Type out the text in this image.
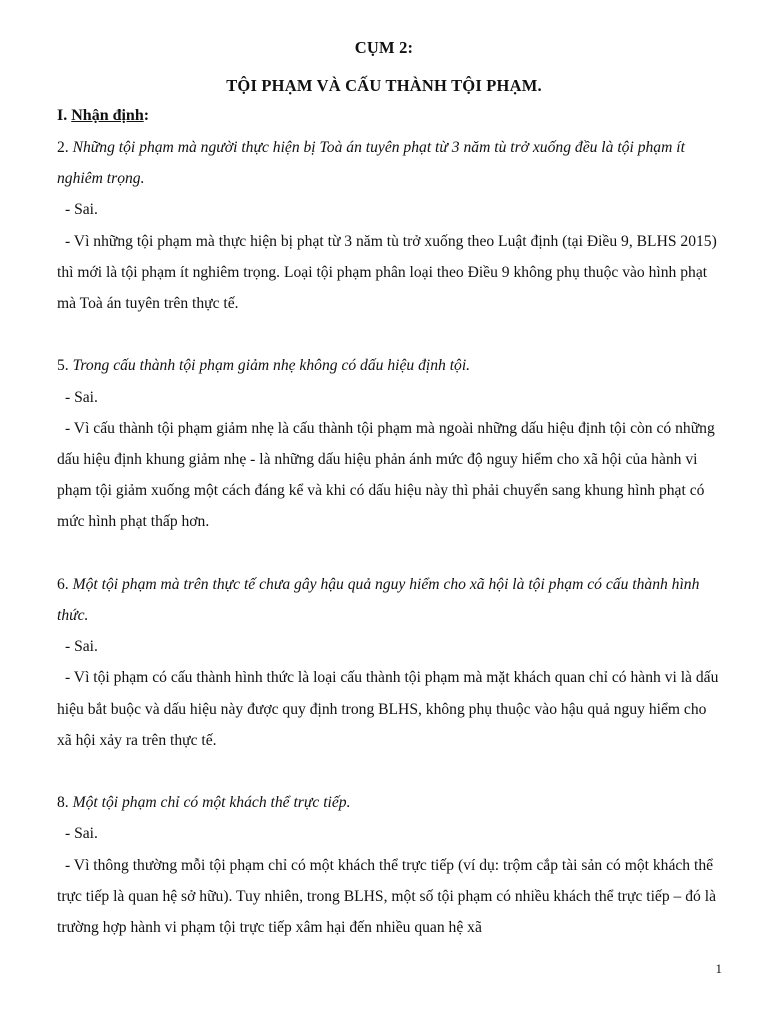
CỤM 2:
TỘI PHẠM VÀ CẤU THÀNH TỘI PHẠM.
I. Nhận định:

2. Những tội phạm mà người thực hiện bị Toà án tuyên phạt từ 3 năm tù trở xuống đều là tội phạm ít nghiêm trọng.

- Sai.

- Vì những tội phạm mà thực hiện bị phạt từ 3 năm tù trở xuống theo Luật định (tại Điều 9, BLHS 2015) thì mới là tội phạm ít nghiêm trọng. Loại tội phạm phân loại theo Điều 9 không phụ thuộc vào hình phạt mà Toà án tuyên trên thực tế.

5. Trong cấu thành tội phạm giảm nhẹ không có dấu hiệu định tội.

- Sai.

- Vì cấu thành tội phạm giảm nhẹ là cấu thành tội phạm mà ngoài những dấu hiệu định tội còn có những dấu hiệu định khung giảm nhẹ - là những dấu hiệu phản ánh mức độ nguy hiểm cho xã hội của hành vi phạm tội giảm xuống một cách đáng kể và khi có dấu hiệu này thì phải chuyển sang khung hình phạt có mức hình phạt thấp hơn.

6. Một tội phạm mà trên thực tế chưa gây hậu quả nguy hiểm cho xã hội là tội phạm có cấu thành hình thức.

- Sai.

- Vì tội phạm có cấu thành hình thức là loại cấu thành tội phạm mà mặt khách quan chỉ có hành vi là dấu hiệu bắt buộc và dấu hiệu này được quy định trong BLHS, không phụ thuộc vào hậu quả nguy hiểm cho xã hội xảy ra trên thực tế.

8. Một tội phạm chỉ có một khách thể trực tiếp.

- Sai.

- Vì thông thường mỗi tội phạm chỉ có một khách thể trực tiếp (ví dụ: trộm cắp tài sản có một khách thể trực tiếp là quan hệ sở hữu). Tuy nhiên, trong BLHS, một số tội phạm có nhiều khách thể trực tiếp – đó là trường hợp hành vi phạm tội trực tiếp xâm hại đến nhiều quan hệ xã

1
